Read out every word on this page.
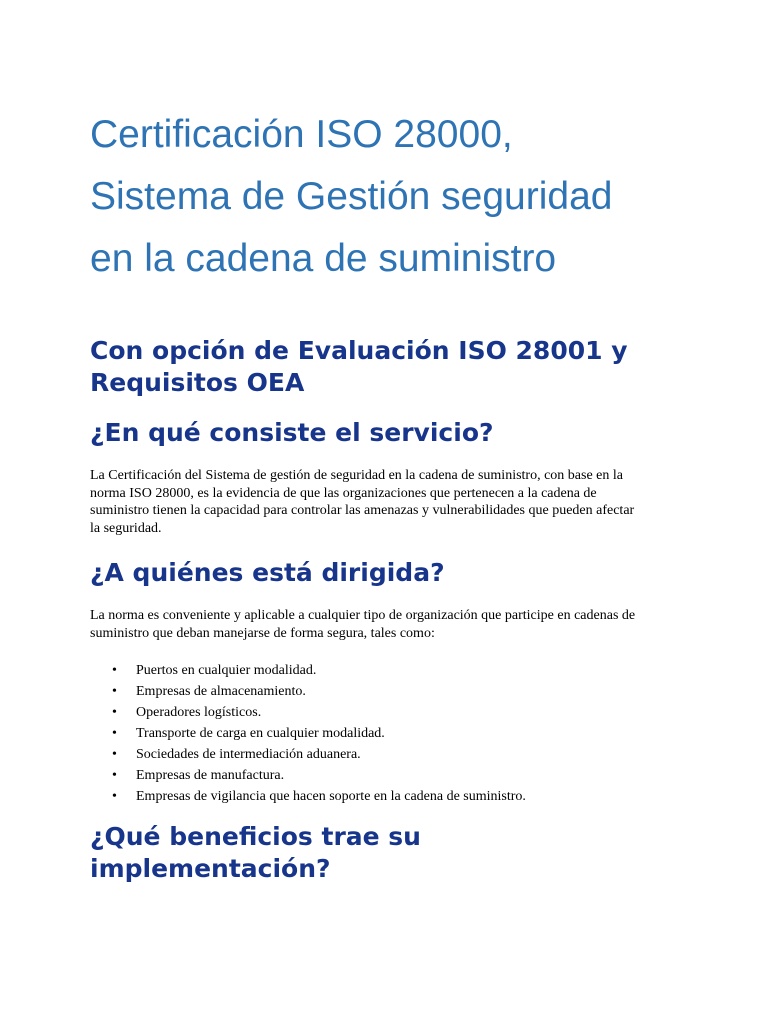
Certificación ISO 28000,
Sistema de Gestión seguridad
en la cadena de suministro
Con opción de Evaluación ISO 28001 y
Requisitos OEA
¿En qué consiste el servicio?
La Certificación del Sistema de gestión de seguridad en la cadena de suministro, con base en la
norma ISO 28000, es la evidencia de que las organizaciones que pertenecen a la cadena de
suministro tienen la capacidad para controlar las amenazas y vulnerabilidades que pueden afectar
la seguridad.
¿A quiénes está dirigida?
La norma es conveniente y aplicable a cualquier tipo de organización que participe en cadenas de
suministro que deban manejarse de forma segura, tales como:
• Puertos en cualquier modalidad.
• Empresas de almacenamiento.
• Operadores logísticos.
• Transporte de carga en cualquier modalidad.
• Sociedades de intermediación aduanera.
• Empresas de manufactura.
• Empresas de vigilancia que hacen soporte en la cadena de suministro.
¿Qué beneficios trae su
implementación?
